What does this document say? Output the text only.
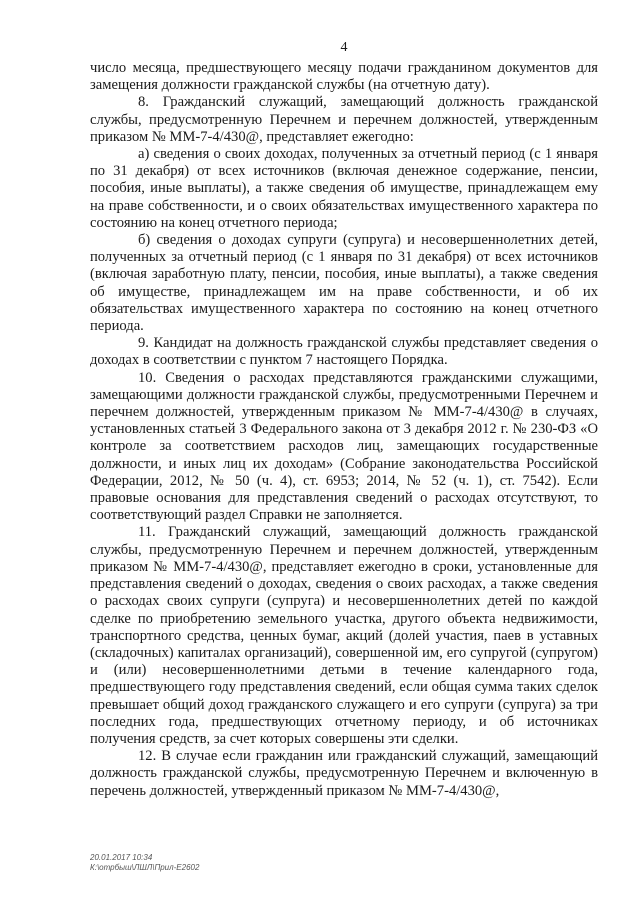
4

число месяца, предшествующего месяцу подачи гражданином документов для замещения должности гражданской службы (на отчетную дату).

8. Гражданский служащий, замещающий должность гражданской службы, предусмотренную Перечнем и перечнем должностей, утвержденным приказом № ММ-7-4/430@, представляет ежегодно:

а) сведения о своих доходах, полученных за отчетный период (с 1 января по 31 декабря) от всех источников (включая денежное содержание, пенсии, пособия, иные выплаты), а также сведения об имуществе, принадлежащем ему на праве собственности, и о своих обязательствах имущественного характера по состоянию на конец отчетного периода;

б) сведения о доходах супруги (супруга) и несовершеннолетних детей, полученных за отчетный период (с 1 января по 31 декабря) от всех источников (включая заработную плату, пенсии, пособия, иные выплаты), а также сведения об имуществе, принадлежащем им на праве собственности, и об их обязательствах имущественного характера по состоянию на конец отчетного периода.

9. Кандидат на должность гражданской службы представляет сведения о доходах в соответствии с пунктом 7 настоящего Порядка.

10. Сведения о расходах представляются гражданскими служащими, замещающими должности гражданской службы, предусмотренными Перечнем и перечнем должностей, утвержденным приказом № ММ-7-4/430@ в случаях, установленных статьей 3 Федерального закона от 3 декабря 2012 г. № 230-ФЗ «О контроле за соответствием расходов лиц, замещающих государственные должности, и иных лиц их доходам» (Собрание законодательства Российской Федерации, 2012, № 50 (ч. 4), ст. 6953; 2014, № 52 (ч. 1), ст. 7542). Если правовые основания для представления сведений о расходах отсутствуют, то соответствующий раздел Справки не заполняется.

11. Гражданский служащий, замещающий должность гражданской службы, предусмотренную Перечнем и перечнем должностей, утвержденным приказом № ММ-7-4/430@, представляет ежегодно в сроки, установленные для представления сведений о доходах, сведения о своих расходах, а также сведения о расходах своих супруги (супруга) и несовершеннолетних детей по каждой сделке по приобретению земельного участка, другого объекта недвижимости, транспортного средства, ценных бумаг, акций (долей участия, паев в уставных (складочных) капиталах организаций), совершенной им, его супругой (супругом) и (или) несовершеннолетними детьми в течение календарного года, предшествующего году представления сведений, если общая сумма таких сделок превышает общий доход гражданского служащего и его супруги (супруга) за три последних года, предшествующих отчетному периоду, и об источниках получения средств, за счет которых совершены эти сделки.

12. В случае если гражданин или гражданский служащий, замещающий должность гражданской службы, предусмотренную Перечнем и включенную в перечень должностей, утвержденный приказом № ММ-7-4/430@,

20.01.2017 10:34
К:\отрбыш\ЛШЛ\Прил-Е2602
